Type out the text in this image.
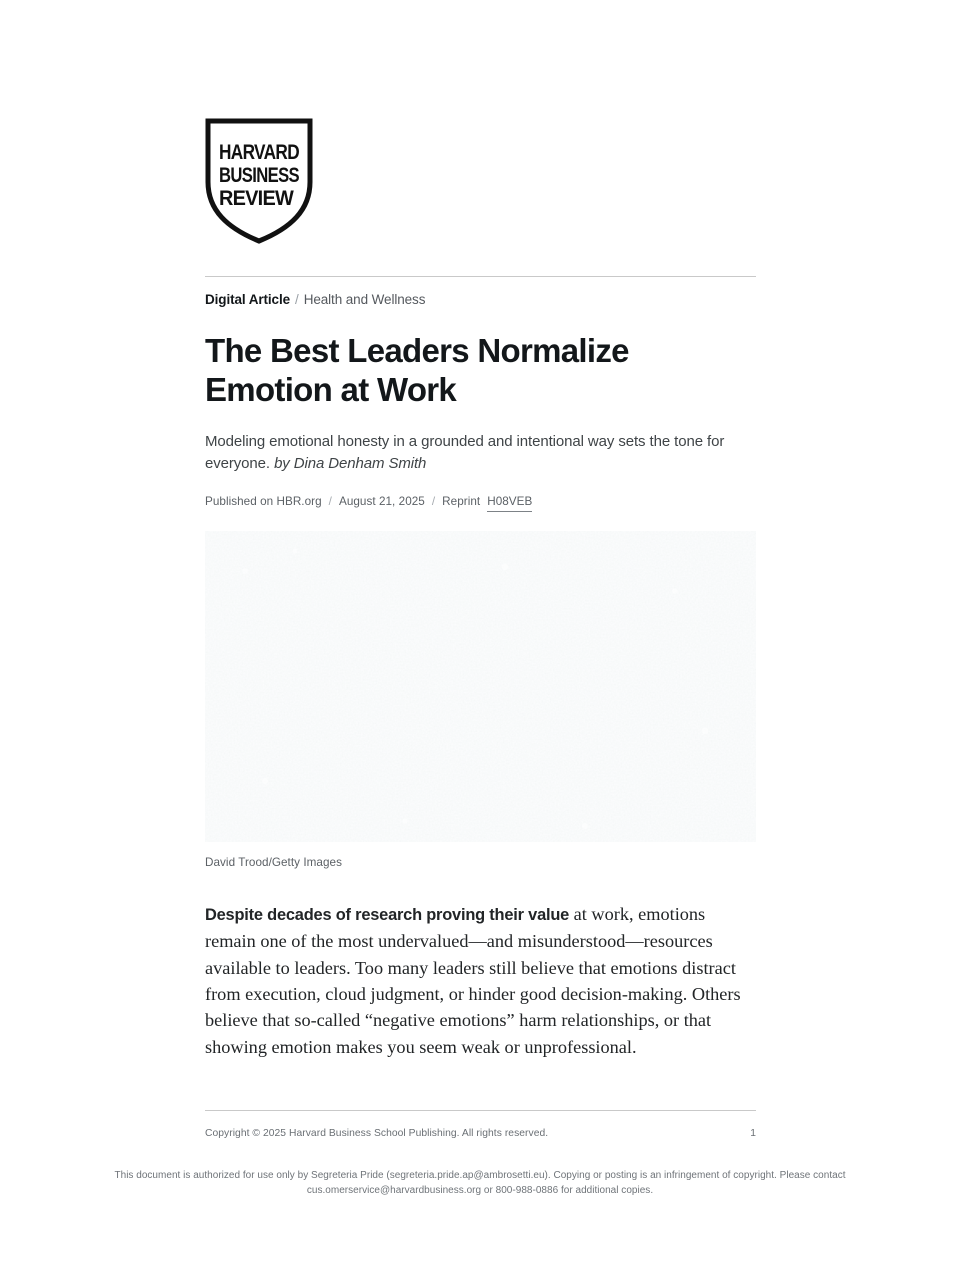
HARVARD
BUSINESS
REVIEW
Digital Article / Health and Wellness
The Best Leaders Normalize Emotion at Work

Modeling emotional honesty in a grounded and intentional way sets the tone for everyone. by Dina Denham Smith

Published on HBR.org / August 21, 2025 / Reprint H08VEB
David Trood/Getty Images

Despite decades of research proving their value at work, emotions remain one of the most undervalued—and misunderstood—resources available to leaders. Too many leaders still believe that emotions distract from execution, cloud judgment, or hinder good decision-making. Others believe that so-called “negative emotions” harm relationships, or that showing emotion makes you seem weak or unprofessional.

Copyright © 2025 Harvard Business School Publishing. All rights reserved.	1
This document is authorized for use only by Segreteria Pride (segreteria.pride.ap@ambrosetti.eu). Copying or posting is an infringement of copyright. Please contact
cus.omerservice@harvardbusiness.org or 800-988-0886 for additional copies.
